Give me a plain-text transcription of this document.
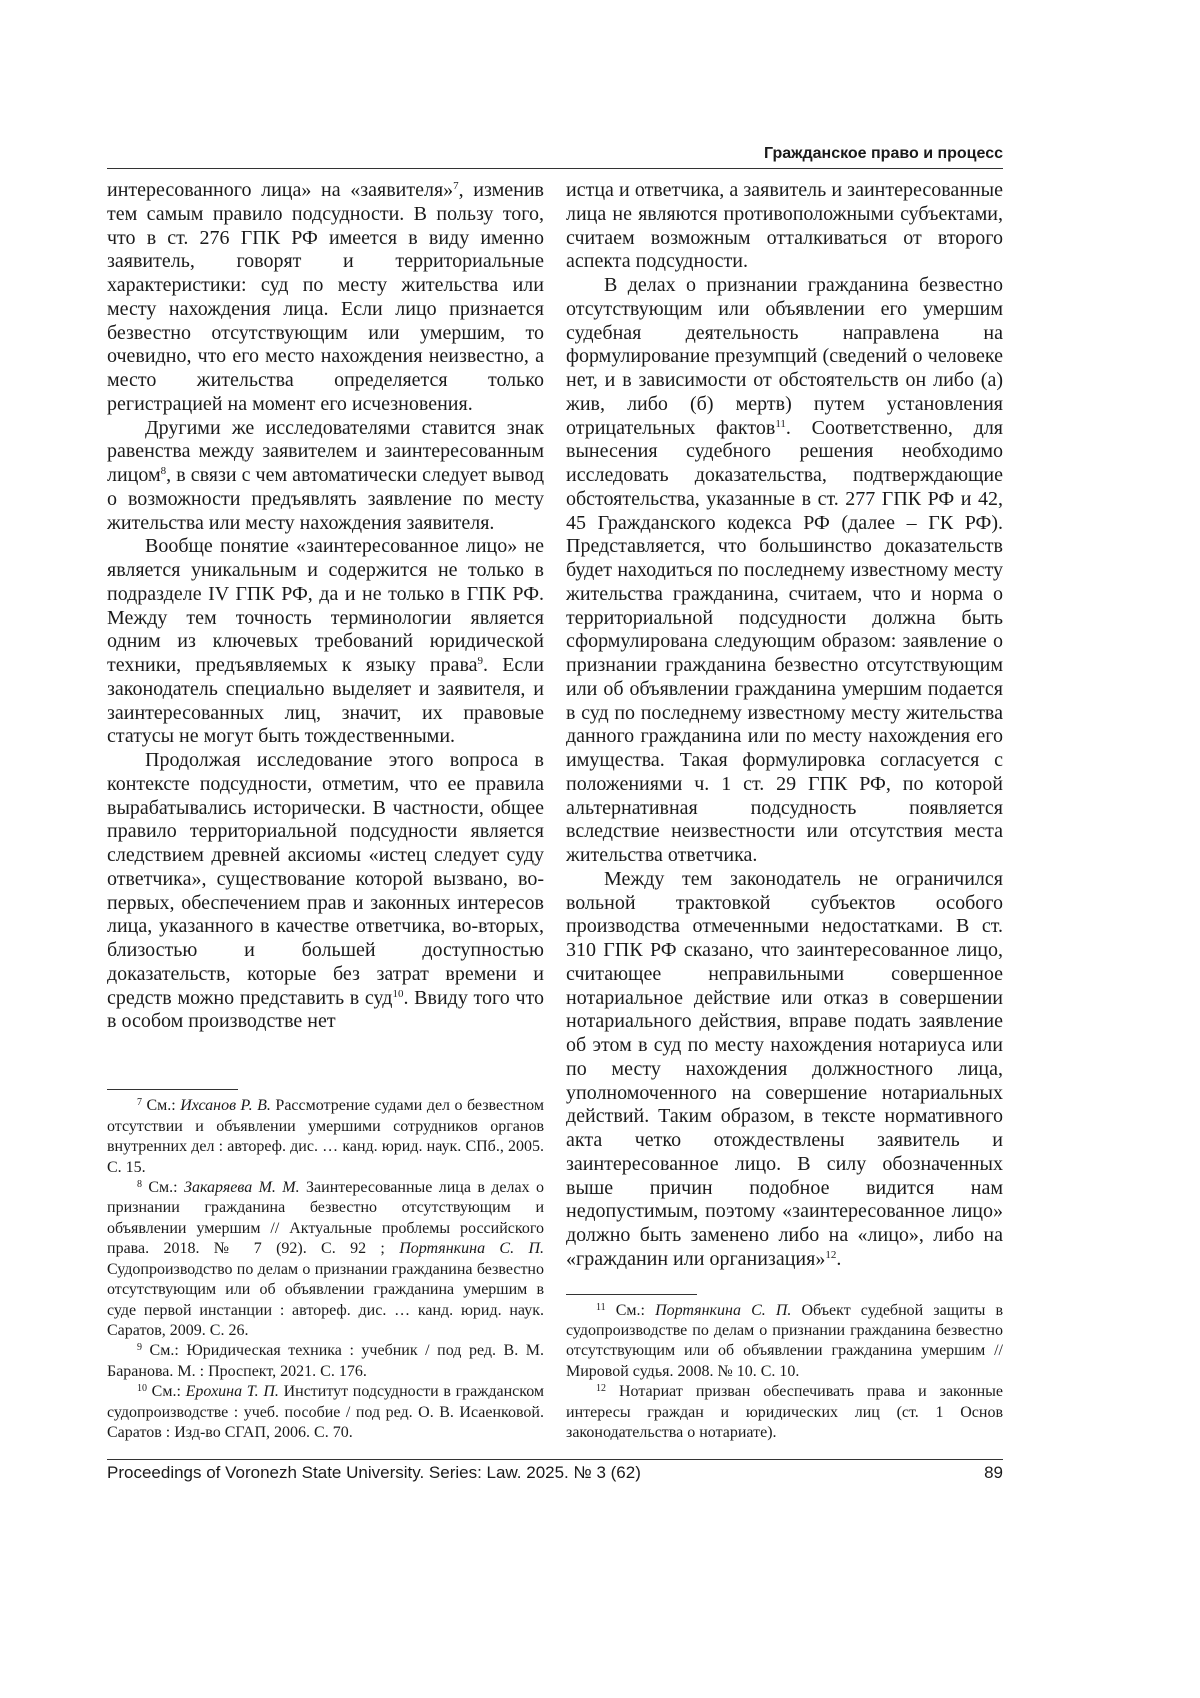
Гражданское право и процесс

интересованного лица» на «заявителя»7, изменив тем самым правило подсудности. В пользу того, что в ст. 276 ГПК РФ имеется в виду именно заявитель, говорят и территориальные характеристики: суд по месту жительства или месту нахождения лица. Если лицо признается безвестно отсутствующим или умершим, то очевидно, что его место нахождения неизвестно, а место жительства определяется только регистрацией на момент его исчезновения.

Другими же исследователями ставится знак равенства между заявителем и заинтересованным лицом8, в связи с чем автоматически следует вывод о возможности предъявлять заявление по месту жительства или месту нахождения заявителя.

Вообще понятие «заинтересованное лицо» не является уникальным и содержится не только в подразделе IV ГПК РФ, да и не только в ГПК РФ. Между тем точность терминологии является одним из ключевых требований юридической техники, предъявляемых к языку права9. Если законодатель специально выделяет и заявителя, и заинтересованных лиц, значит, их правовые статусы не могут быть тождественными.

Продолжая исследование этого вопроса в контексте подсудности, отметим, что ее правила вырабатывались исторически. В частности, общее правило территориальной подсудности является следствием древней аксиомы «истец следует суду ответчика», существование которой вызвано, во-первых, обеспечением прав и законных интересов лица, указанного в качестве ответчика, во-вторых, близостью и большей доступностью доказательств, которые без затрат времени и средств можно представить в суд10. Ввиду того что в особом производстве нет

7 См.: Ихсанов Р. В. Рассмотрение судами дел о безвестном отсутствии и объявлении умершими сотрудников органов внутренних дел : автореф. дис. … канд. юрид. наук. СПб., 2005. С. 15.

8 См.: Закаряева М. М. Заинтересованные лица в делах о признании гражданина безвестно отсутствующим и объявлении умершим // Актуальные проблемы российского права. 2018. № 7 (92). С. 92 ; Портянкина С. П. Судопроизводство по делам о признании гражданина безвестно отсутствующим или об объявлении гражданина умершим в суде первой инстанции : автореф. дис. … канд. юрид. наук. Саратов, 2009. С. 26.

9 См.: Юридическая техника : учебник / под ред. В. М. Баранова. М. : Проспект, 2021. С. 176.

10 См.: Ерохина Т. П. Институт подсудности в гражданском судопроизводстве : учеб. пособие / под ред. О. В. Исаенковой. Саратов : Изд-во СГАП, 2006. С. 70.

истца и ответчика, а заявитель и заинтересованные лица не являются противоположными субъектами, считаем возможным отталкиваться от второго аспекта подсудности.

В делах о признании гражданина безвестно отсутствующим или объявлении его умершим судебная деятельность направлена на формулирование презумпций (сведений о человеке нет, и в зависимости от обстоятельств он либо (а) жив, либо (б) мертв) путем установления отрицательных фактов11. Соответственно, для вынесения судебного решения необходимо исследовать доказательства, подтверждающие обстоятельства, указанные в ст. 277 ГПК РФ и 42, 45 Гражданского кодекса РФ (далее – ГК РФ). Представляется, что большинство доказательств будет находиться по последнему известному месту жительства гражданина, считаем, что и норма о территориальной подсудности должна быть сформулирована следующим образом: заявление о признании гражданина безвестно отсутствующим или об объявлении гражданина умершим подается в суд по последнему известному месту жительства данного гражданина или по месту нахождения его имущества. Такая формулировка согласуется с положениями ч. 1 ст. 29 ГПК РФ, по которой альтернативная подсудность появляется вследствие неизвестности или отсутствия места жительства ответчика.

Между тем законодатель не ограничился вольной трактовкой субъектов особого производства отмеченными недостатками. В ст. 310 ГПК РФ сказано, что заинтересованное лицо, считающее неправильными совершенное нотариальное действие или отказ в совершении нотариального действия, вправе подать заявление об этом в суд по месту нахождения нотариуса или по месту нахождения должностного лица, уполномоченного на совершение нотариальных действий. Таким образом, в тексте нормативного акта четко отождествлены заявитель и заинтересованное лицо. В силу обозначенных выше причин подобное видится нам недопустимым, поэтому «заинтересованное лицо» должно быть заменено либо на «лицо», либо на «гражданин или организация»12.

11 См.: Портянкина С. П. Объект судебной защиты в судопроизводстве по делам о признании гражданина безвестно отсутствующим или об объявлении гражданина умершим // Мировой судья. 2008. № 10. С. 10.

12 Нотариат призван обеспечивать права и законные интересы граждан и юридических лиц (ст. 1 Основ законодательства о нотариате).

Proceedings of Voronezh State University. Series: Law. 2025. № 3 (62)	89
